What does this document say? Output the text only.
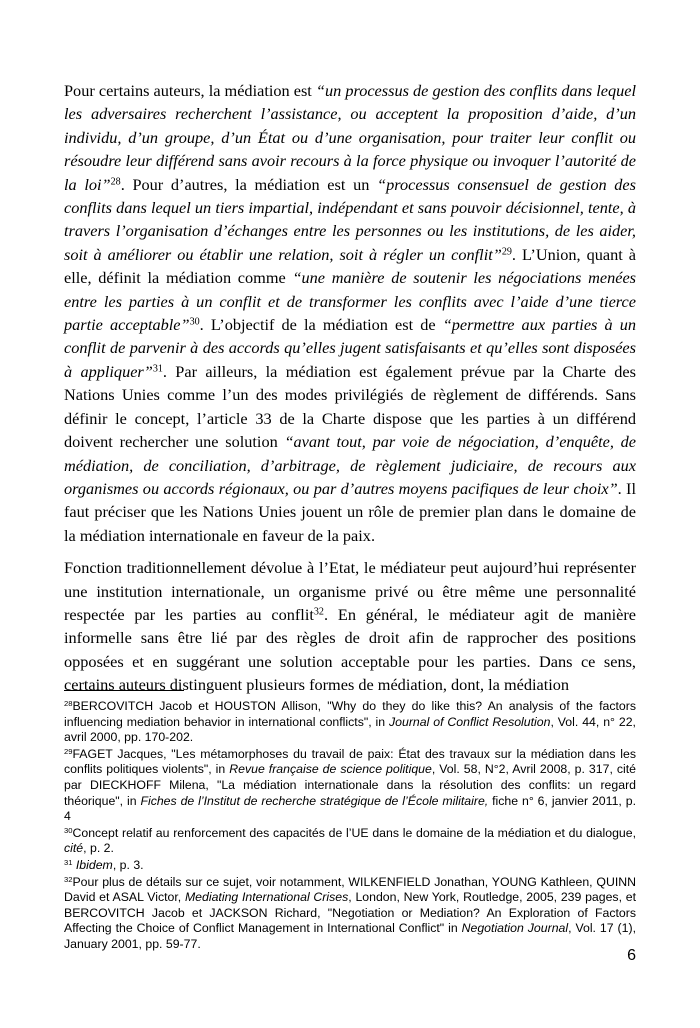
Pour certains auteurs, la médiation est “un processus de gestion des conflits dans lequel les adversaires recherchent l’assistance, ou acceptent la proposition d’aide, d’un individu, d’un groupe, d’un État ou d’une organisation, pour traiter leur conflit ou résoudre leur différend sans avoir recours à la force physique ou invoquer l’autorité de la loi”$^{28}$. Pour d’autres, la médiation est un “processus consensuel de gestion des conflits dans lequel un tiers impartial, indépendant et sans pouvoir décisionnel, tente, à travers l’organisation d’échanges entre les personnes ou les institutions, de les aider, soit à améliorer ou établir une relation, soit à régler un conflit”$^{29}$. L’Union, quant à elle, définit la médiation comme “une manière de soutenir les négociations menées entre les parties à un conflit et de transformer les conflits avec l’aide d’une tierce partie acceptable”$^{30}$. L’objectif de la médiation est de “permettre aux parties à un conflit de parvenir à des accords qu’elles jugent satisfaisants et qu’elles sont disposées à appliquer”$^{31}$. Par ailleurs, la médiation est également prévue par la Charte des Nations Unies comme l’un des modes privilégiés de règlement de différends. Sans définir le concept, l’article 33 de la Charte dispose que les parties à un différend doivent rechercher une solution “avant tout, par voie de négociation, d’enquête, de médiation, de conciliation, d’arbitrage, de règlement judiciaire, de recours aux organismes ou accords régionaux, ou par d’autres moyens pacifiques de leur choix”. Il faut préciser que les Nations Unies jouent un rôle de premier plan dans le domaine de la médiation internationale en faveur de la paix.

Fonction traditionnellement dévolue à l’Etat, le médiateur peut aujourd’hui représenter une institution internationale, un organisme privé ou être même une personnalité respectée par les parties au conflit$^{32}$. En général, le médiateur agit de manière informelle sans être lié par des règles de droit afin de rapprocher des positions opposées et en suggérant une solution acceptable pour les parties. Dans ce sens, certains auteurs distinguent plusieurs formes de médiation, dont, la médiation

$^{28}$BERCOVITCH Jacob et HOUSTON Allison, "Why do they do like this? An analysis of the factors influencing mediation behavior in international conflicts", in Journal of Conflict Resolution, Vol. 44, n° 22, avril 2000, pp. 170-202.
$^{29}$FAGET Jacques, "Les métamorphoses du travail de paix: État des travaux sur la médiation dans les conflits politiques violents", in Revue française de science politique, Vol. 58, N°2, Avril 2008, p. 317, cité par DIECKHOFF Milena, "La médiation internationale dans la résolution des conflits: un regard théorique", in Fiches de l’Institut de recherche stratégique de l’École militaire, fiche n° 6, janvier 2011, p. 4
$^{30}$Concept relatif au renforcement des capacités de l’UE dans le domaine de la médiation et du dialogue, cité, p. 2.
$^{31}$ Ibidem, p. 3.
$^{32}$Pour plus de détails sur ce sujet, voir notamment, WILKENFIELD Jonathan, YOUNG Kathleen, QUINN David et ASAL Victor, Mediating International Crises, London, New York, Routledge, 2005, 239 pages, et BERCOVITCH Jacob et JACKSON Richard, "Negotiation or Mediation? An Exploration of Factors Affecting the Choice of Conflict Management in International Conflict" in Negotiation Journal, Vol. 17 (1), January 2001, pp. 59-77.
6
